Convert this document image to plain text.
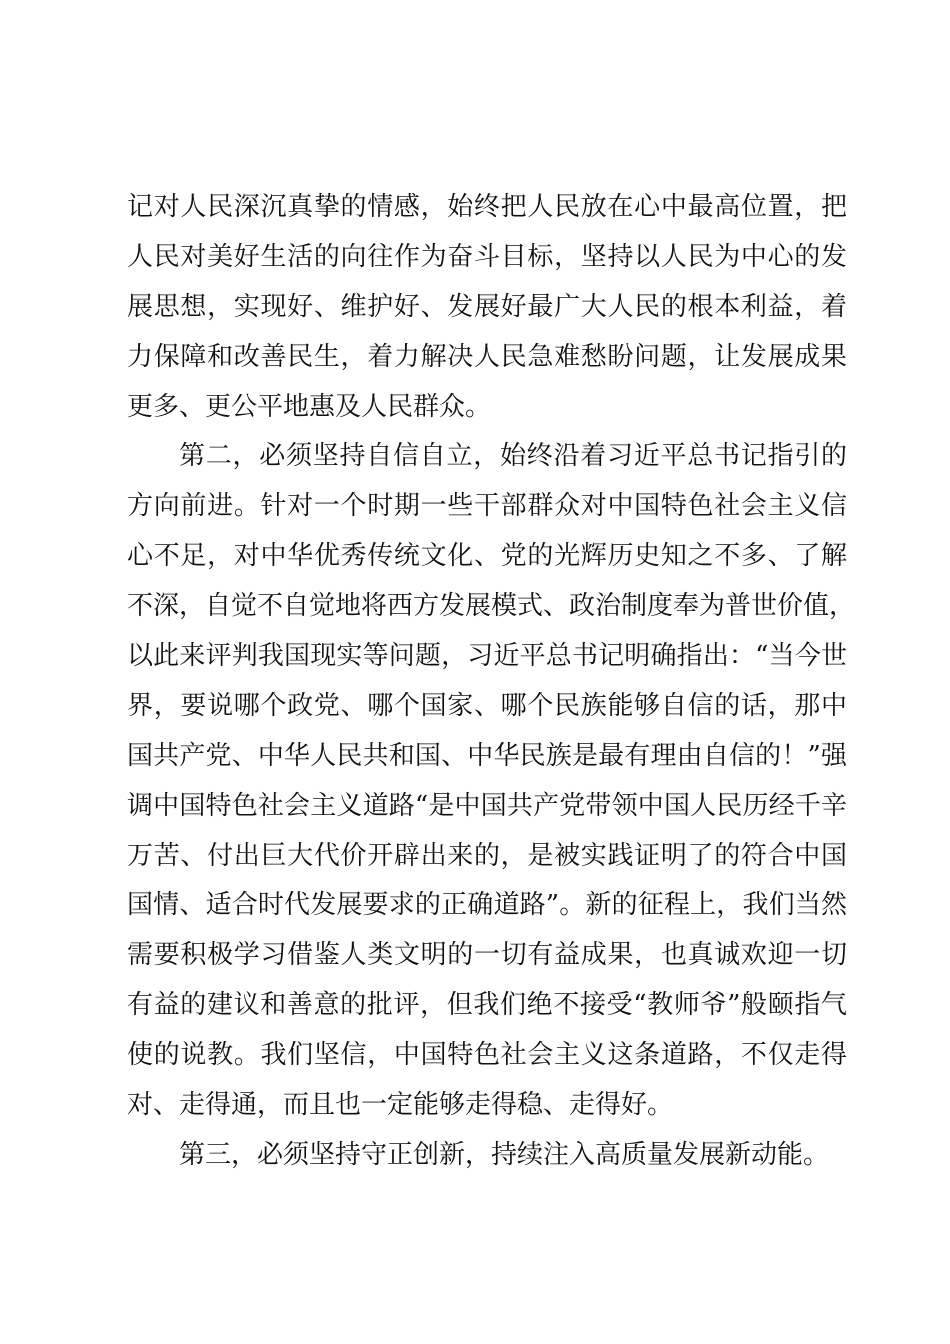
记对人民深沉真挚的情感，始终把人民放在心中最高位置，把
人民对美好生活的向往作为奋斗目标，坚持以人民为中心的发
展思想，实现好、维护好、发展好最广大人民的根本利益，着
力保障和改善民生，着力解决人民急难愁盼问题，让发展成果
更多、更公平地惠及人民群众。
第二，必须坚持自信自立，始终沿着习近平总书记指引的
方向前进。针对一个时期一些干部群众对中国特色社会主义信
心不足，对中华优秀传统文化、党的光辉历史知之不多、了解
不深，自觉不自觉地将西方发展模式、政治制度奉为普世价值，
以此来评判我国现实等问题，习近平总书记明确指出：“当今世
界，要说哪个政党、哪个国家、哪个民族能够自信的话，那中
国共产党、中华人民共和国、中华民族是最有理由自信的！”强
调中国特色社会主义道路“是中国共产党带领中国人民历经千辛
万苦、付出巨大代价开辟出来的，是被实践证明了的符合中国
国情、适合时代发展要求的正确道路”。新的征程上，我们当然
需要积极学习借鉴人类文明的一切有益成果，也真诚欢迎一切
有益的建议和善意的批评，但我们绝不接受“教师爷”般颐指气
使的说教。我们坚信，中国特色社会主义这条道路，不仅走得
对、走得通，而且也一定能够走得稳、走得好。
第三，必须坚持守正创新，持续注入高质量发展新动能。
